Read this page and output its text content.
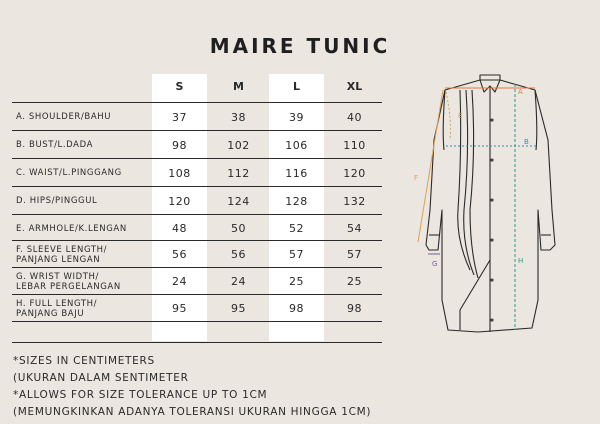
MAIRE TUNIC
S	M	L	XL
A. SHOULDER/BAHU	37	38	39	40
B. BUST/L.DADA	98	102	106	110
C. WAIST/L.PINGGANG	108	112	116	120
D. HIPS/PINGGUL	120	124	128	132
E. ARMHOLE/K.LENGAN	48	50	52	54
F. SLEEVE LENGTH/
PANJANG LENGAN	56	56	57	57
G. WRIST WIDTH/
LEBAR PERGELANGAN	24	24	25	25
H. FULL LENGTH/
PANJANG BAJU	95	95	98	98
*SIZES IN CENTIMETERS
(UKURAN DALAM SENTIMETER
*ALLOWS FOR SIZE TOLERANCE UP TO 1CM
(MEMUNGKINKAN ADANYA TOLERANSI UKURAN HINGGA 1CM)
A
B
E
F
G	H
